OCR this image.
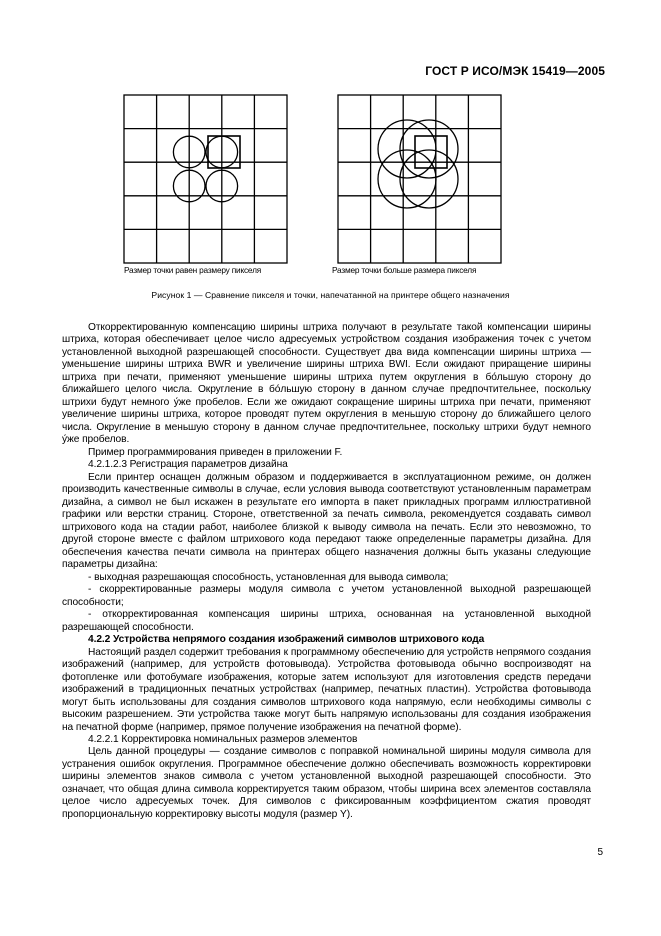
ГОСТ Р ИСО/МЭК 15419—2005
Размер точки равен размеру пикселя	Размер точки больше размера пикселя
Рисунок 1 — Сравнение пикселя и точки, напечатанной на принтере общего назначения

Откорректированную компенсацию ширины штриха получают в результате такой компенсации ширины штриха, которая обеспечивает целое число адресуемых устройством создания изображения точек с учетом установленной выходной разрешающей способности. Существует два вида компенсации ширины штриха — уменьшение ширины штриха BWR и увеличение ширины штриха BWI. Если ожидают приращение ширины штриха при печати, применяют уменьшение ширины штриха путем округления в бо́льшую сторону до ближайшего целого числа. Округление в бо́льшую сторону в данном случае предпочтительнее, поскольку штрихи будут немного у́же пробелов. Если же ожидают сокращение ширины штриха при печати, применяют увеличение ширины штриха, которое проводят путем округления в меньшую сторону до ближайшего целого числа. Округление в меньшую сторону в данном случае предпочтительнее, поскольку штрихи будут немного у́же пробелов.

Пример программирования приведен в приложении F.

4.2.1.2.3 Регистрация параметров дизайна

Если принтер оснащен должным образом и поддерживается в эксплуатационном режиме, он должен производить качественные символы в случае, если условия вывода соответствуют установленным параметрам дизайна, а символ не был искажен в результате его импорта в пакет прикладных программ иллюстративной графики или верстки страниц. Стороне, ответственной за печать символа, рекомендуется создавать символ штрихового кода на стадии работ, наиболее близкой к выводу символа на печать. Если это невозможно, то другой стороне вместе с файлом штрихового кода передают также определенные параметры дизайна. Для обеспечения качества печати символа на принтерах общего назначения должны быть указаны следующие параметры дизайна:

- выходная разрешающая способность, установленная для вывода символа;

- скорректированные размеры модуля символа с учетом установленной выходной разрешающей способности;

- откорректированная компенсация ширины штриха, основанная на установленной выходной разрешающей способности.

4.2.2 Устройства непрямого создания изображений символов штрихового кода

Настоящий раздел содержит требования к программному обеспечению для устройств непрямого создания изображений (например, для устройств фотовывода). Устройства фотовывода обычно воспроизводят на фотопленке или фотобумаге изображения, которые затем используют для изготовления средств передачи изображений в традиционных печатных устройствах (например, печатных пластин). Устройства фотовывода могут быть использованы для создания символов штрихового кода напрямую, если необходимы символы с высоким разрешением. Эти устройства также могут быть напрямую использованы для создания изображения на печатной форме (например, прямое получение изображения на печатной форме).

4.2.2.1 Корректировка номинальных размеров элементов

Цель данной процедуры — создание символов с поправкой номинальной ширины модуля символа для устранения ошибок округления. Программное обеспечение должно обеспечивать возможность корректировки ширины элементов знаков символа с учетом установленной выходной разрешающей способности. Это означает, что общая длина символа корректируется таким образом, чтобы ширина всех элементов составляла целое число адресуемых точек. Для символов с фиксированным коэффициентом сжатия проводят пропорциональную корректировку высоты модуля (размер Y).

5
